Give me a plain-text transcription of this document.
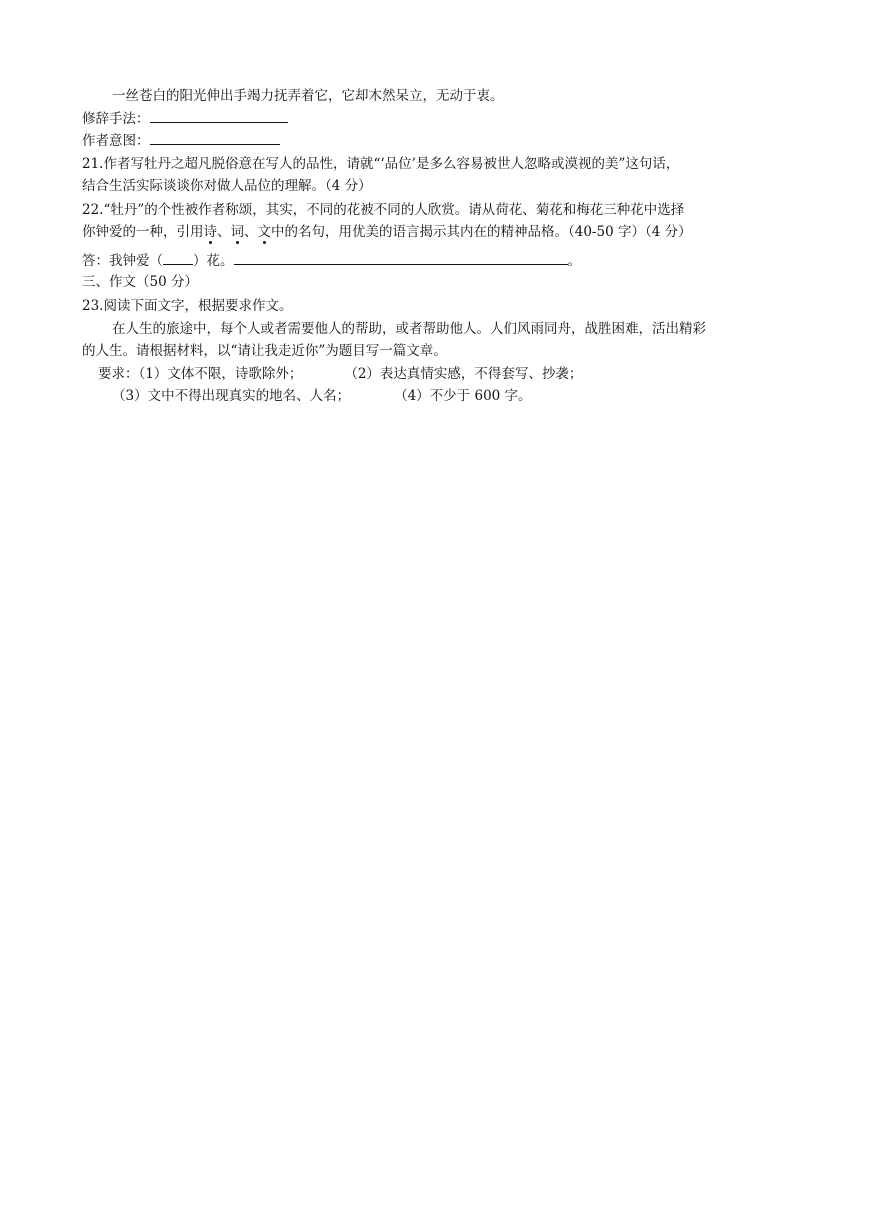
一丝苍白的阳光伸出手竭力抚弄着它，它却木然呆立，无动于衷。
修辞手法：
作者意图：
21.作者写牡丹之超凡脱俗意在写人的品性，请就“‘品位’是多么容易被世人忽略或漠视的美”这句话，
结合生活实际谈谈你对做人品位的理解。（4 分）
22.“牡丹”的个性被作者称颂，其实，不同的花被不同的人欣赏。请从荷花、菊花和梅花三种花中选择
你钟爱的一种，引用诗、词、文中的名句，用优美的语言揭示其内在的精神品格。（40-50 字）（4 分）
答：我钟爱（ ）花。	。
三、作文（50 分）
23.阅读下面文字，根据要求作文。
在人生的旅途中，每个人或者需要他人的帮助，或者帮助他人。人们风雨同舟，战胜困难，活出精彩
的人生。请根据材料，以“请让我走近你”为题目写一篇文章。
要求：（1）文体不限，诗歌除外；	（2）表达真情实感，不得套写、抄袭；
（3）文中不得出现真实的地名、人名；	（4）不少于 600 字。
